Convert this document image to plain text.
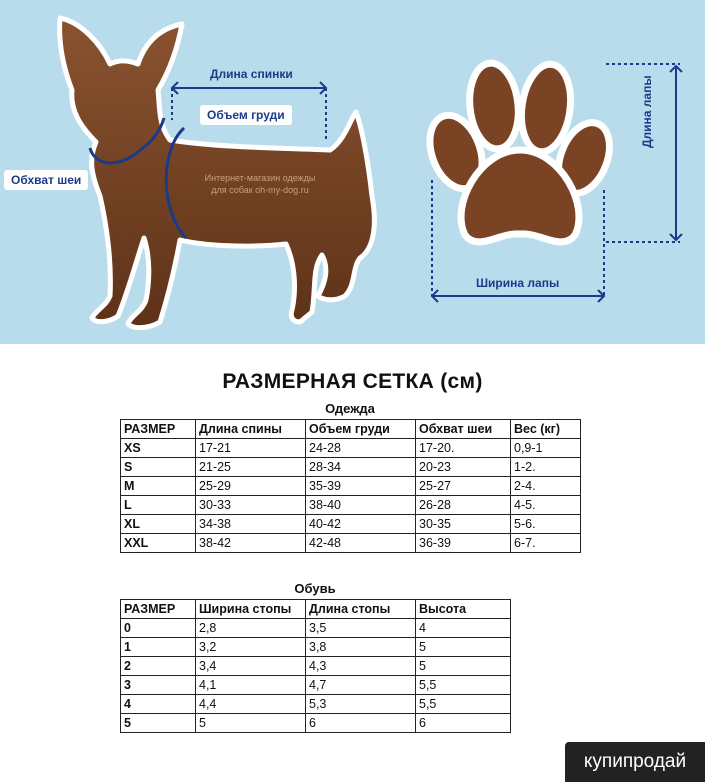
Длина спинки
Объем груди
Обхват шеи
Длина лапы
Ширина лапы
Интернет-магазин одежды
для собак oh-my-dog.ru
РАЗМЕРНАЯ СЕТКА (см)
Одежда
РАЗМЕР	Длина спины	Объем груди	Обхват шеи	Вес (кг)
XS	17-21	24-28	17-20.	0,9-1
S	21-25	28-34	20-23	1-2.
M	25-29	35-39	25-27	2-4.
L	30-33	38-40	26-28	4-5.
XL	34-38	40-42	30-35	5-6.
XXL	38-42	42-48	36-39	6-7.
Обувь
РАЗМЕР	Ширина стопы	Длина стопы	Высота
0	2,8	3,5	4
1	3,2	3,8	5
2	3,4	4,3	5
3	4,1	4,7	5,5
4	4,4	5,3	5,5
5	5	6	6
купипродай
